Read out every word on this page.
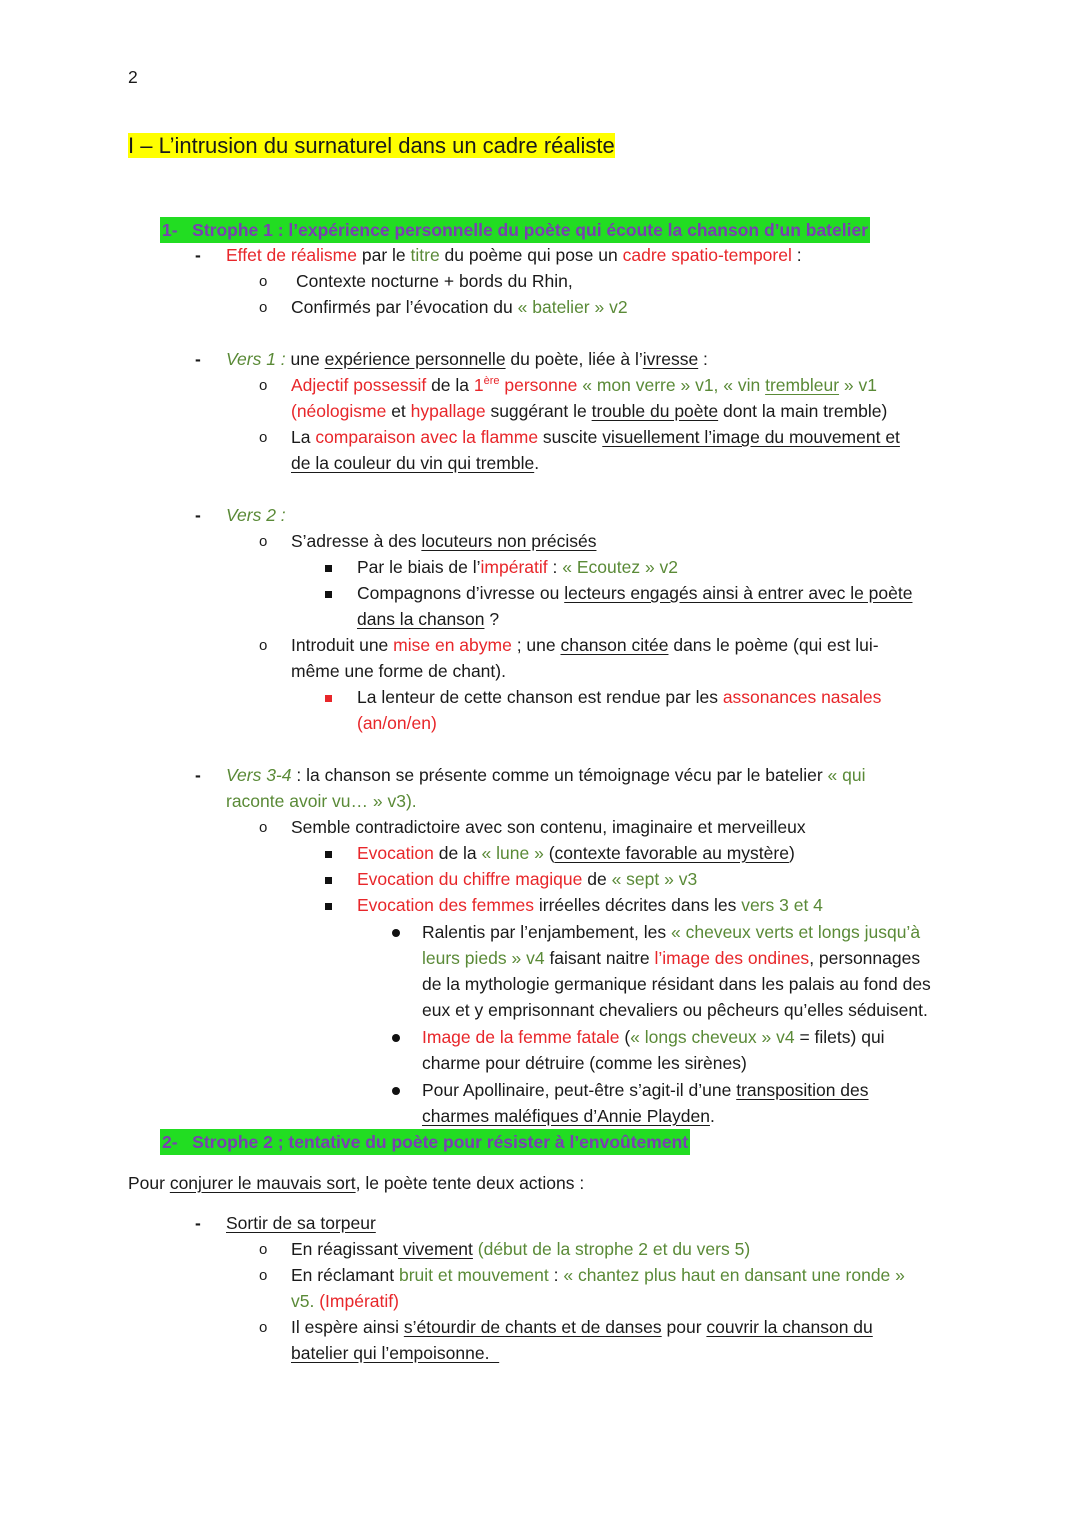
2
I – L’intrusion du surnaturel dans un cadre réaliste
1- Strophe 1 : l’expérience personnelle du poète qui écoute la chanson d’un batelier
- Effet de réalisme par le titre du poème qui pose un cadre spatio-temporel :
o Contexte nocturne + bords du Rhin,
o Confirmés par l’évocation du « batelier » v2
- Vers 1 : une expérience personnelle du poète, liée à l’ivresse :
o Adjectif possessif de la 1ère personne « mon verre » v1, « vin trembleur » v1
(néologisme et hypallage suggérant le trouble du poète dont la main tremble)
o La comparaison avec la flamme suscite visuellement l’image du mouvement et
de la couleur du vin qui tremble.
- Vers 2 :
o S’adresse à des locuteurs non précisés
Par le biais de l’impératif : « Ecoutez » v2
Compagnons d’ivresse ou lecteurs engagés ainsi à entrer avec le poète
dans la chanson ?
o Introduit une mise en abyme ; une chanson citée dans le poème (qui est lui-
même une forme de chant).
La lenteur de cette chanson est rendue par les assonances nasales
(an/on/en)
- Vers 3-4 : la chanson se présente comme un témoignage vécu par le batelier « qui
raconte avoir vu… » v3).
o Semble contradictoire avec son contenu, imaginaire et merveilleux
Evocation de la « lune » (contexte favorable au mystère)
Evocation du chiffre magique de « sept » v3
Evocation des femmes irréelles décrites dans les vers 3 et 4
Ralentis par l’enjambement, les « cheveux verts et longs jusqu’à
leurs pieds » v4 faisant naitre l’image des ondines, personnages
de la mythologie germanique résidant dans les palais au fond des
eux et y emprisonnant chevaliers ou pêcheurs qu’elles séduisent.
Image de la femme fatale (« longs cheveux » v4 = filets) qui
charme pour détruire (comme les sirènes)
Pour Apollinaire, peut-être s’agit-il d’une transposition des
charmes maléfiques d’Annie Playden.
2- Strophe 2 ; tentative du poète pour résister à l’envoûtement
Pour conjurer le mauvais sort, le poète tente deux actions :
- Sortir de sa torpeur
o En réagissant vivement (début de la strophe 2 et du vers 5)
o En réclamant bruit et mouvement : « chantez plus haut en dansant une ronde »
v5. (Impératif)
o Il espère ainsi s’étourdir de chants et de danses pour couvrir la chanson du
batelier qui l’empoisonne.
